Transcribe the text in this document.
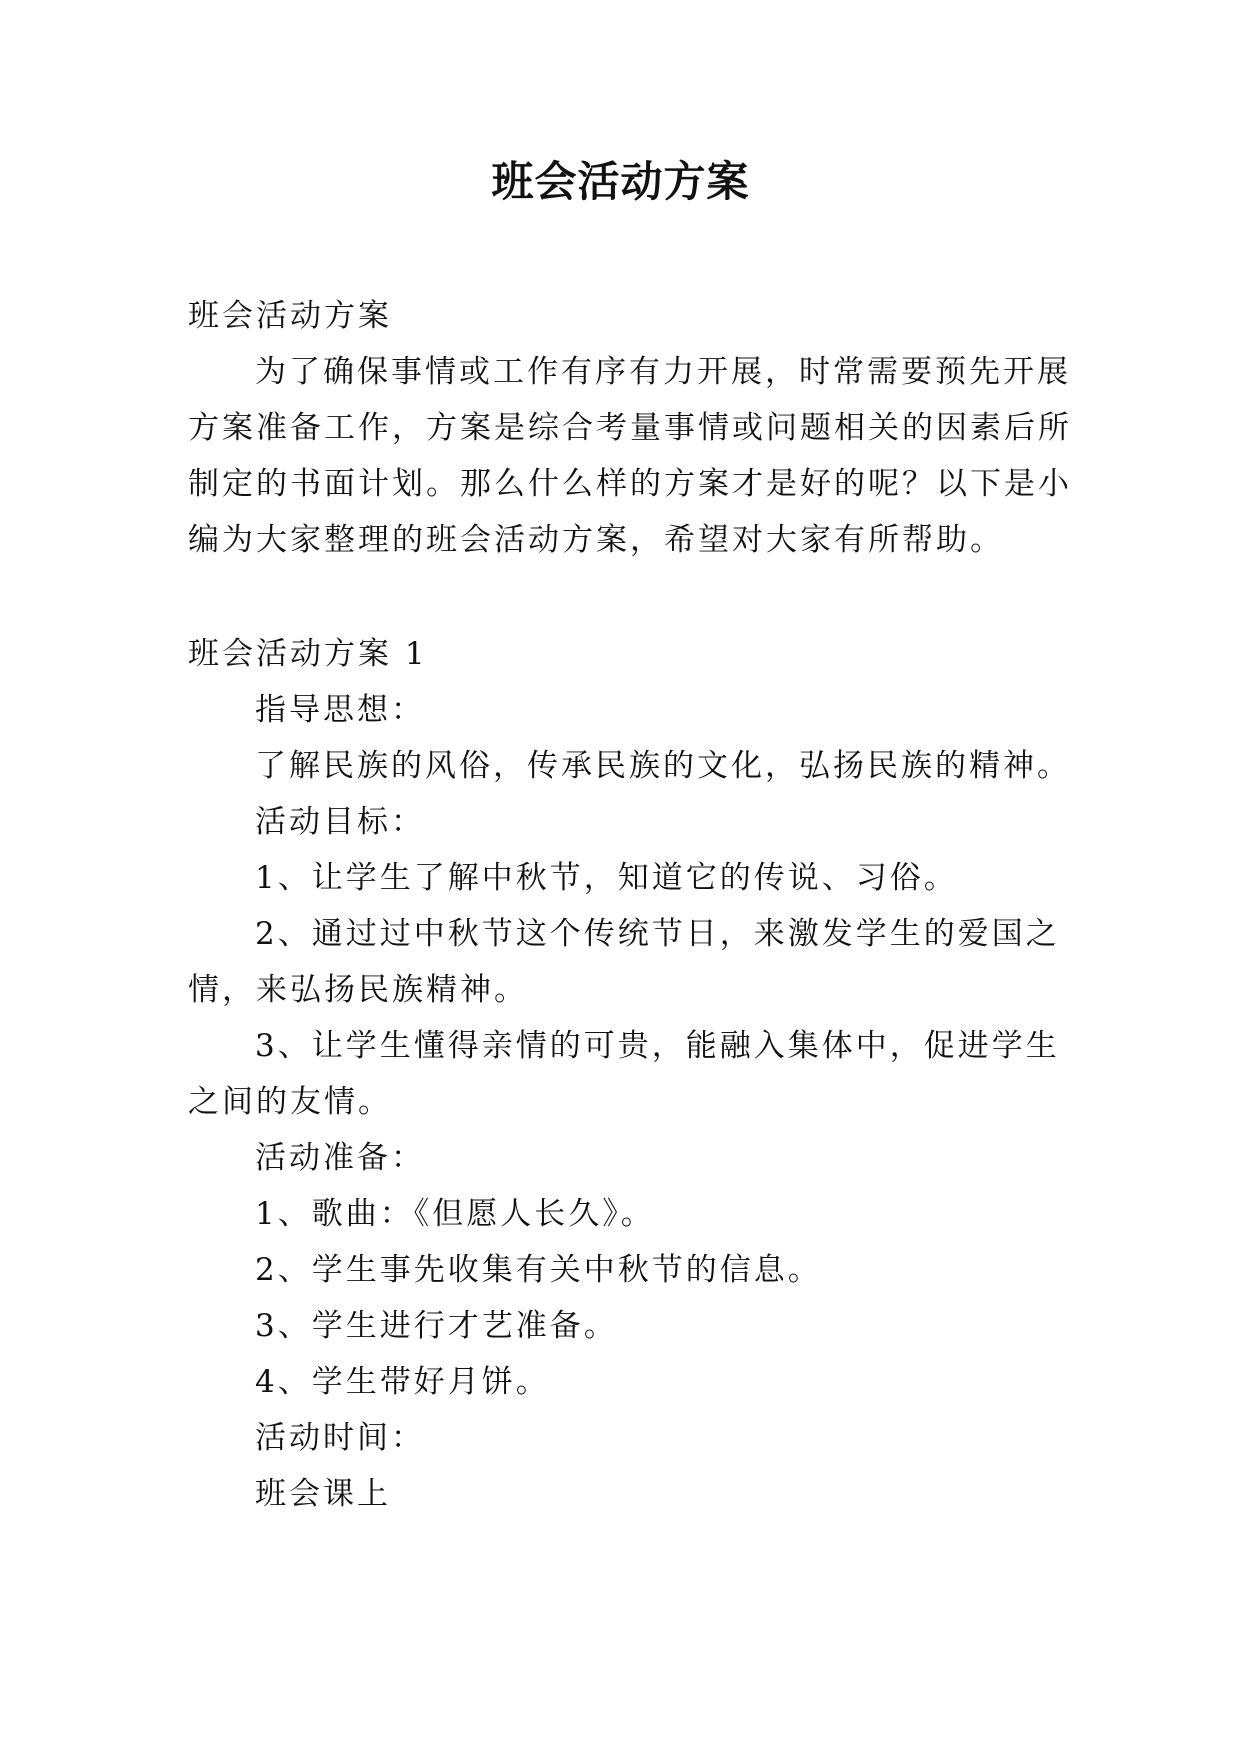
班会活动方案
班会活动方案
为了确保事情或工作有序有力开展，时常需要预先开展
方案准备工作，方案是综合考量事情或问题相关的因素后所
制定的书面计划。那么什么样的方案才是好的呢？以下是小
编为大家整理的班会活动方案，希望对大家有所帮助。
班会活动方案 1
指导思想：
了解民族的风俗，传承民族的文化，弘扬民族的精神。
活动目标：
1、让学生了解中秋节，知道它的传说、习俗。
2、通过过中秋节这个传统节日，来激发学生的爱国之
情，来弘扬民族精神。
3、让学生懂得亲情的可贵，能融入集体中，促进学生
之间的友情。
活动准备：
1、歌曲：《但愿人长久》。
2、学生事先收集有关中秋节的信息。
3、学生进行才艺准备。
4、学生带好月饼。
活动时间：
班会课上
